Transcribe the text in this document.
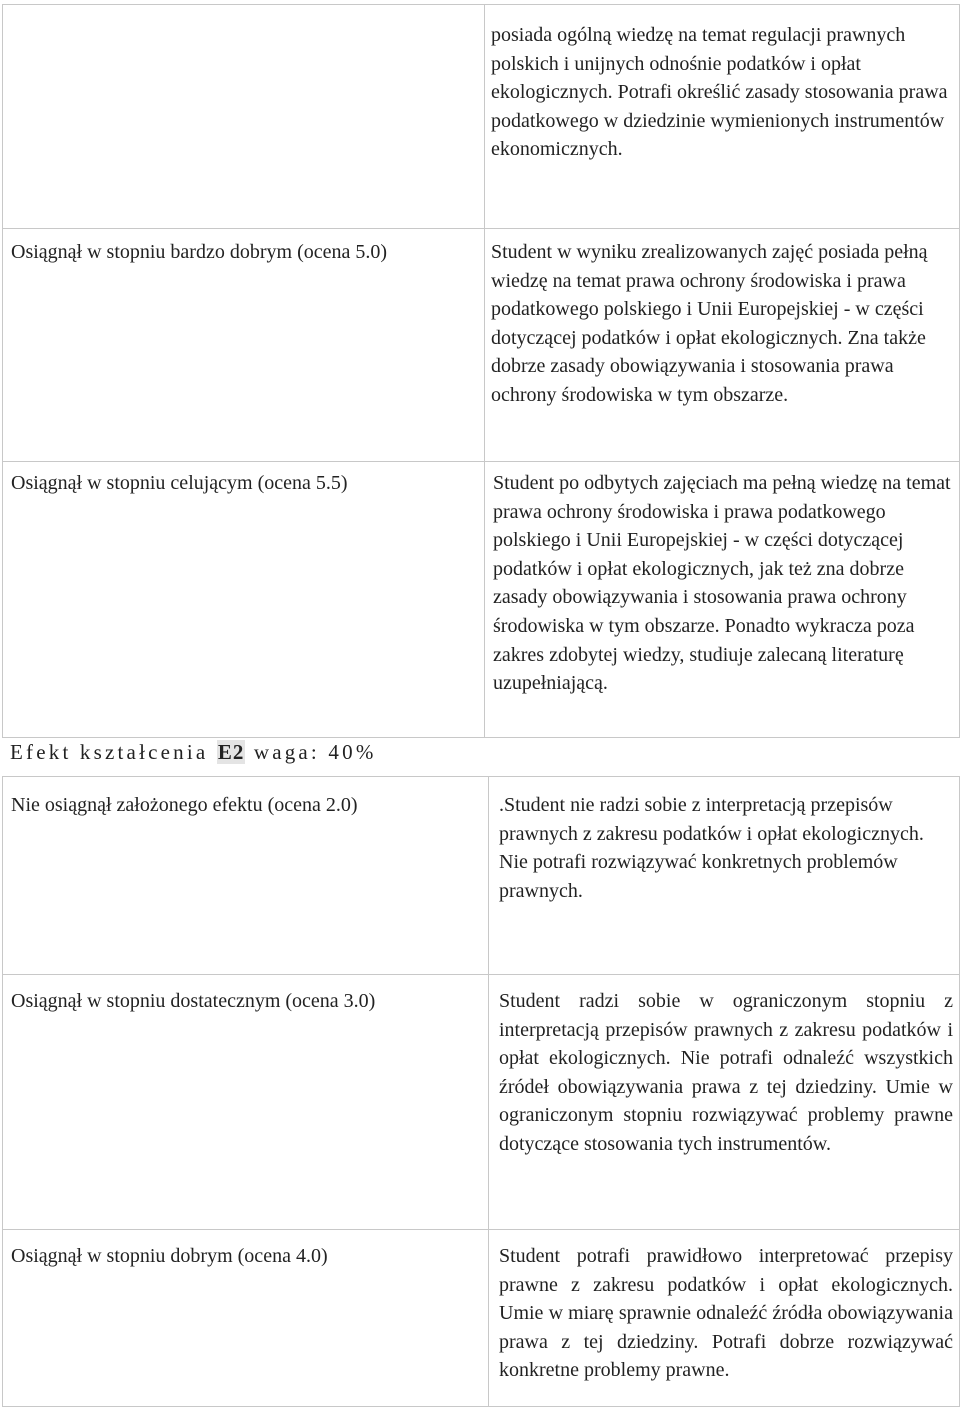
	posiada ogólną wiedzę na temat regulacji prawnych polskich i unijnych odnośnie podatków i opłat ekologicznych. Potrafi określić zasady stosowania prawa podatkowego w dziedzinie wymienionych instrumentów ekonomicznych.
Osiągnął w stopniu bardzo dobrym (ocena 5.0)	Student w wyniku zrealizowanych zajęć posiada pełną wiedzę na temat prawa ochrony środowiska i prawa podatkowego polskiego i Unii Europejskiej - w części dotyczącej podatków i opłat ekologicznych. Zna także dobrze zasady obowiązywania i stosowania prawa ochrony środowiska w tym obszarze.
Osiągnął w stopniu celującym (ocena 5.5)	Student po odbytych zajęciach ma pełną wiedzę na temat prawa ochrony środowiska i prawa podatkowego polskiego i Unii Europejskiej - w części dotyczącej podatków i opłat ekologicznych, jak też zna dobrze zasady obowiązywania i stosowania prawa ochrony środowiska w tym obszarze. Ponadto wykracza poza zakres zdobytej wiedzy, studiuje zalecaną literaturę uzupełniającą.
Efekt kształcenia E2 waga: 40%
Nie osiągnął założonego efektu (ocena 2.0)	.Student nie radzi sobie z interpretacją przepisów prawnych z zakresu podatków i opłat ekologicznych. Nie potrafi rozwiązywać konkretnych problemów prawnych.
Osiągnął w stopniu dostatecznym (ocena 3.0)	Student radzi sobie w ograniczonym stopniu z interpretacją przepisów prawnych z zakresu podatków i opłat ekologicznych. Nie potrafi odnaleźć wszystkich źródeł obowiązywania prawa z tej dziedziny. Umie w ograniczonym stopniu rozwiązywać problemy prawne dotyczące stosowania tych instrumentów.
Osiągnął w stopniu dobrym (ocena 4.0)	Student potrafi prawidłowo interpretować przepisy prawne z zakresu podatków i opłat ekologicznych. Umie w miarę sprawnie odnaleźć źródła obowiązywania prawa z tej dziedziny. Potrafi dobrze rozwiązywać konkretne problemy prawne.
